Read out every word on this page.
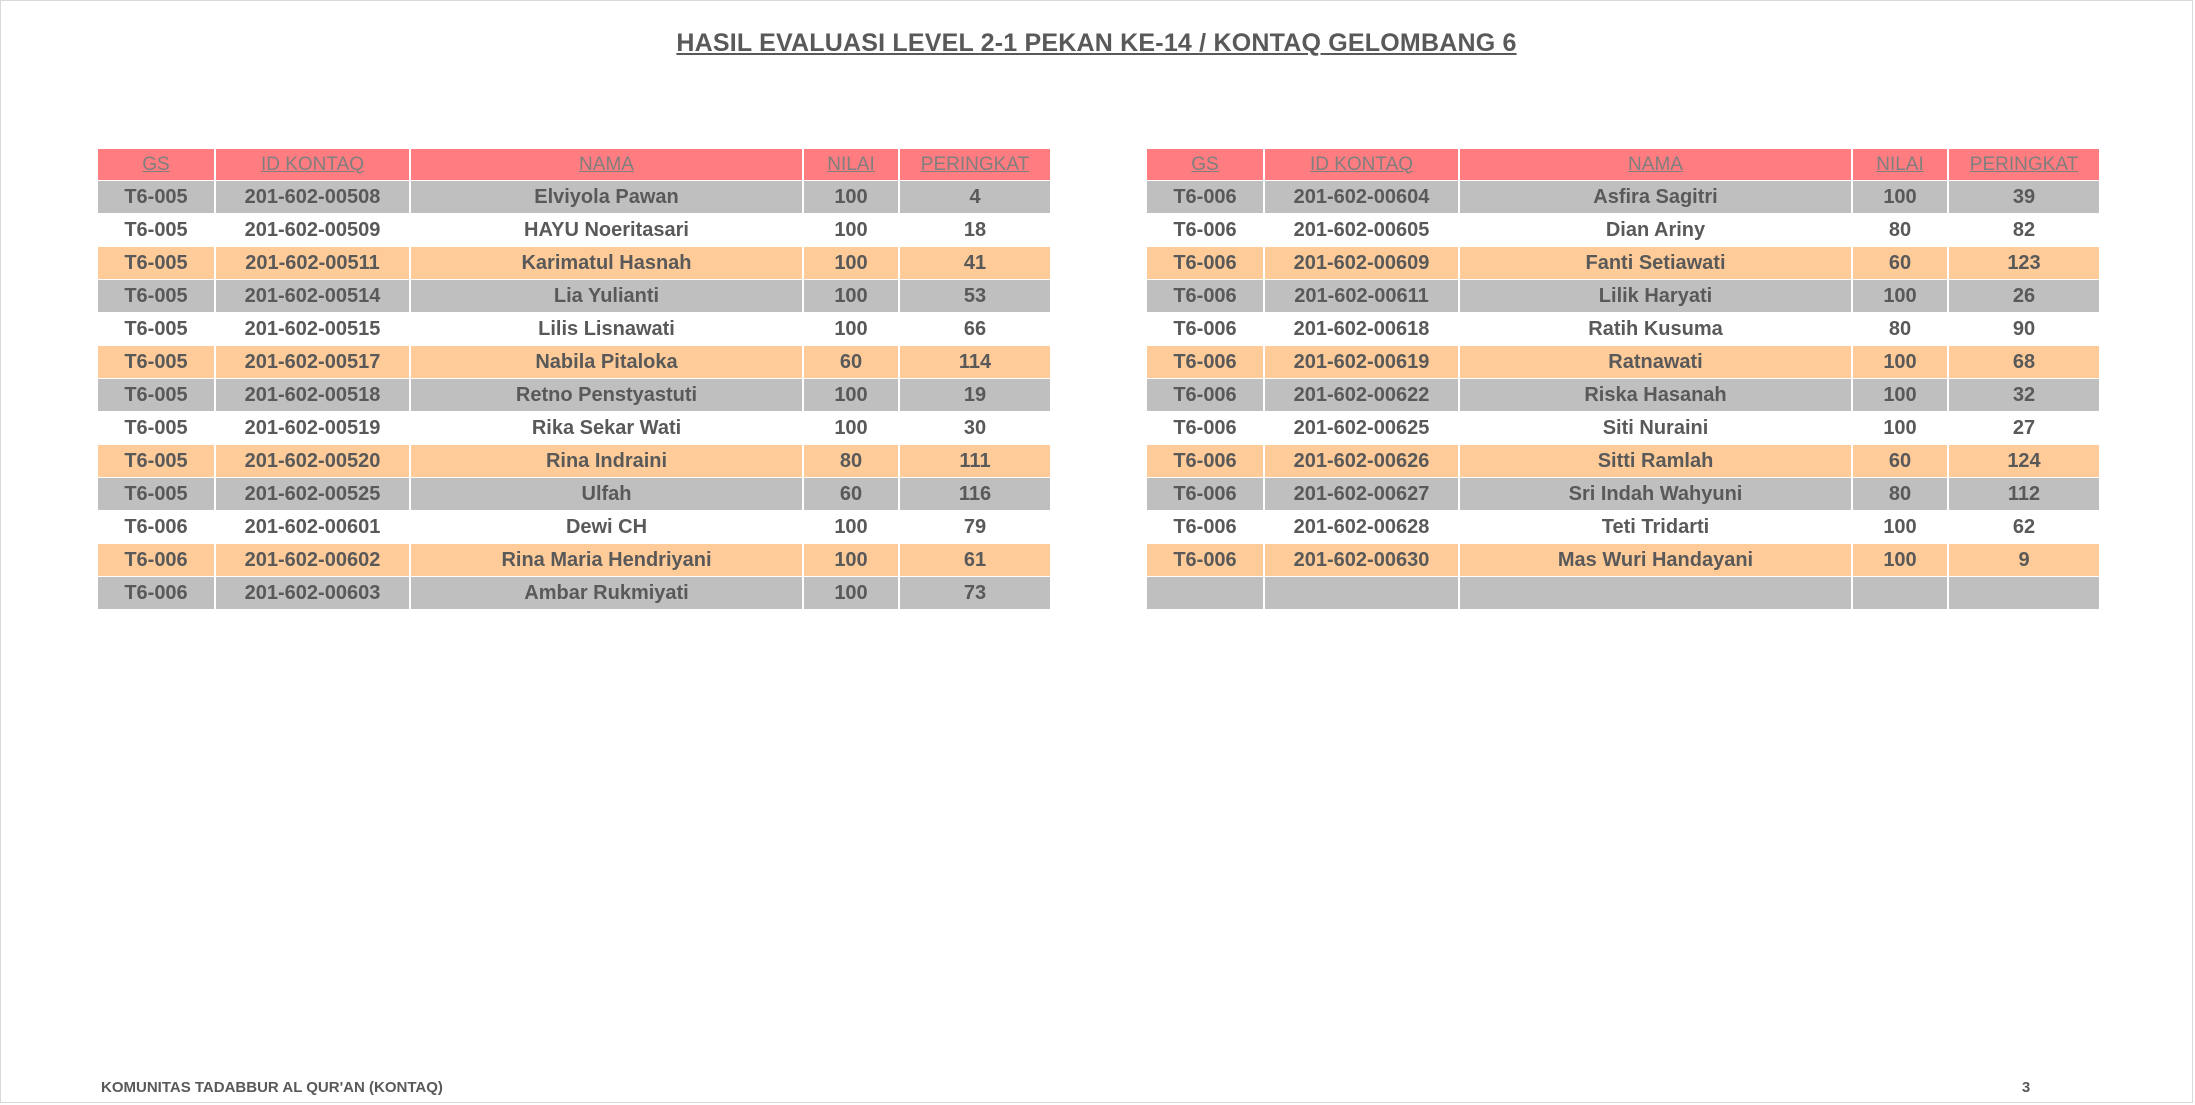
HASIL EVALUASI LEVEL 2-1 PEKAN KE-14 / KONTAQ GELOMBANG 6
GS	ID KONTAQ	NAMA	NILAI	PERINGKAT
T6-005	201-602-00508	Elviyola Pawan	100	4
T6-005	201-602-00509	HAYU Noeritasari	100	18
T6-005	201-602-00511	Karimatul Hasnah	100	41
T6-005	201-602-00514	Lia Yulianti	100	53
T6-005	201-602-00515	Lilis Lisnawati	100	66
T6-005	201-602-00517	Nabila Pitaloka	60	114
T6-005	201-602-00518	Retno Penstyastuti	100	19
T6-005	201-602-00519	Rika Sekar Wati	100	30
T6-005	201-602-00520	Rina Indraini	80	111
T6-005	201-602-00525	Ulfah	60	116
T6-006	201-602-00601	Dewi CH	100	79
T6-006	201-602-00602	Rina Maria Hendriyani	100	61
T6-006	201-602-00603	Ambar Rukmiyati	100	73
GS	ID KONTAQ	NAMA	NILAI	PERINGKAT
T6-006	201-602-00604	Asfira Sagitri	100	39
T6-006	201-602-00605	Dian Ariny	80	82
T6-006	201-602-00609	Fanti Setiawati	60	123
T6-006	201-602-00611	Lilik Haryati	100	26
T6-006	201-602-00618	Ratih Kusuma	80	90
T6-006	201-602-00619	Ratnawati	100	68
T6-006	201-602-00622	Riska Hasanah	100	32
T6-006	201-602-00625	Siti Nuraini	100	27
T6-006	201-602-00626	Sitti Ramlah	60	124
T6-006	201-602-00627	Sri Indah Wahyuni	80	112
T6-006	201-602-00628	Teti Tridarti	100	62
T6-006	201-602-00630	Mas Wuri Handayani	100	9

KOMUNITAS TADABBUR AL QUR'AN (KONTAQ)	3
